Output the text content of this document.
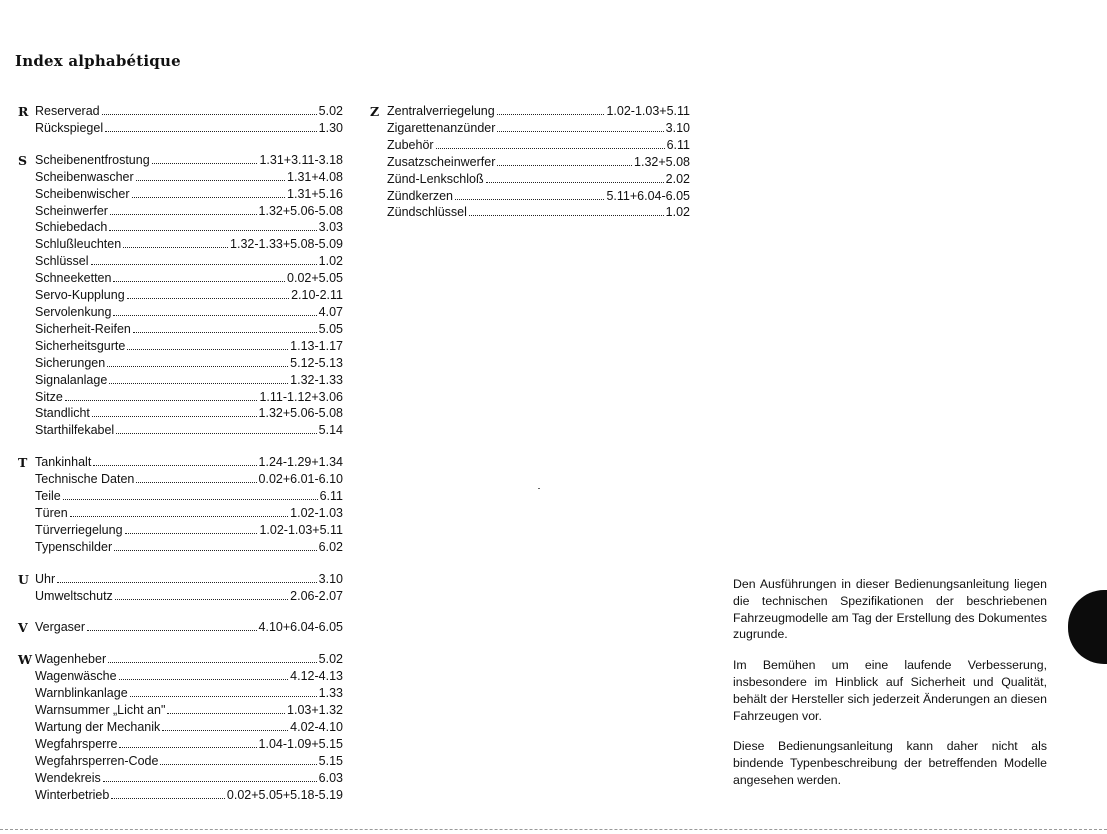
Index alphabétique
R Reserverad	5.02
Rückspiegel	1.30
S Scheibenentfrostung	1.31+3.11-3.18
Scheibenwascher	1.31+4.08
Scheibenwischer	1.31+5.16
Scheinwerfer	1.32+5.06-5.08
Schiebedach	3.03
Schlußleuchten	1.32-1.33+5.08-5.09
Schlüssel	1.02
Schneeketten	0.02+5.05
Servo-Kupplung	2.10-2.11
Servolenkung	4.07
Sicherheit-Reifen	5.05
Sicherheitsgurte	1.13-1.17
Sicherungen	5.12-5.13
Signalanlage	1.32-1.33
Sitze	1.11-1.12+3.06
Standlicht	1.32+5.06-5.08
Starthilfekabel	5.14
T Tankinhalt	1.24-1.29+1.34
Technische Daten	0.02+6.01-6.10
Teile	6.11
Türen	1.02-1.03
Türverriegelung	1.02-1.03+5.11
Typenschilder	6.02
U Uhr	3.10
Umweltschutz	2.06-2.07
V Vergaser	4.10+6.04-6.05
W Wagenheber	5.02
Wagenwäsche	4.12-4.13
Warnblinkanlage	1.33
Warnsummer „Licht an"	1.03+1.32
Wartung der Mechanik	4.02-4.10
Wegfahrsperre	1.04-1.09+5.15
Wegfahrsperren-Code	5.15
Wendekreis	6.03
Winterbetrieb	0.02+5.05+5.18-5.19
Z Zentralverriegelung	1.02-1.03+5.11
Zigarettenanzünder	3.10
Zubehör	6.11
Zusatzscheinwerfer	1.32+5.08
Zünd-Lenkschloß	2.02
Zündkerzen	5.11+6.04-6.05
Zündschlüssel	1.02

Den Ausführungen in dieser Bedienungsanleitung liegen die technischen Spezifikationen der beschriebenen Fahrzeugmodelle am Tag der Erstellung des Dokumentes zugrunde.

Im Bemühen um eine laufende Verbesserung, insbesondere im Hinblick auf Sicherheit und Qualität, behält der Hersteller sich jederzeit Änderungen an diesen Fahrzeugen vor.

Diese Bedienungsanleitung kann daher nicht als bindende Typenbeschreibung der betreffenden Modelle angesehen werden.
